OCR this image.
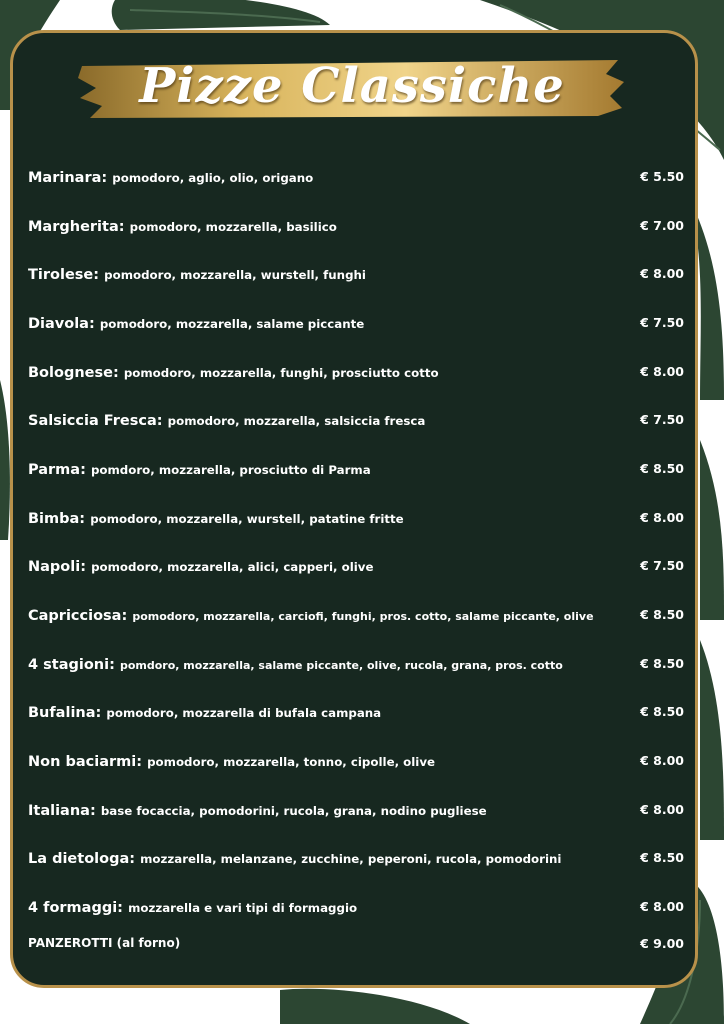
Pizze Classiche
Marinara: pomodoro, aglio, olio, origano	€ 5.50
Margherita: pomodoro, mozzarella, basilico	€ 7.00
Tirolese: pomodoro, mozzarella, wurstell, funghi	€ 8.00
Diavola: pomodoro, mozzarella, salame piccante	€ 7.50
Bolognese: pomodoro, mozzarella, funghi, prosciutto cotto	€ 8.00
Salsiccia Fresca: pomodoro, mozzarella, salsiccia fresca	€ 7.50
Parma: pomdoro, mozzarella, prosciutto di Parma	€ 8.50
Bimba: pomodoro, mozzarella, wurstell, patatine fritte	€ 8.00
Napoli: pomodoro, mozzarella, alici, capperi, olive	€ 7.50
Capricciosa: pomodoro, mozzarella, carciofi, funghi, pros. cotto, salame piccante, olive	€ 8.50
4 stagioni: pomdoro, mozzarella, salame piccante, olive, rucola, grana, pros. cotto	€ 8.50
Bufalina: pomodoro, mozzarella di bufala campana	€ 8.50
Non baciarmi: pomodoro, mozzarella, tonno, cipolle, olive	€ 8.00
Italiana: base focaccia, pomodorini, rucola, grana, nodino pugliese	€ 8.00
La dietologa: mozzarella, melanzane, zucchine, peperoni, rucola, pomodorini	€ 8.50
4 formaggi: mozzarella e vari tipi di formaggio	€ 8.00
PANZEROTTI (al forno)	€ 9.00
